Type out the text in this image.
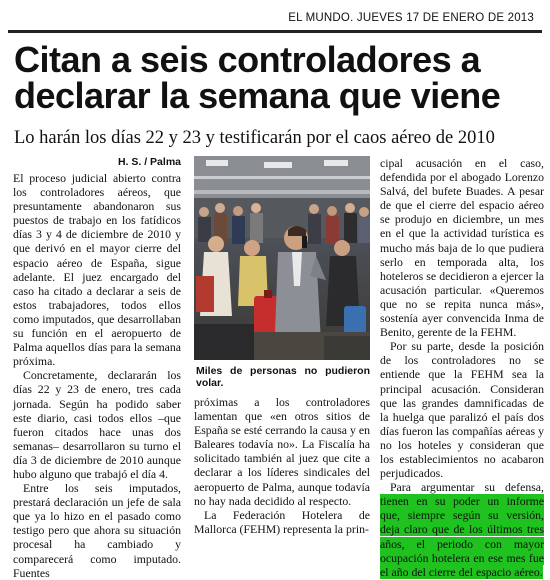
EL MUNDO. JUEVES 17 DE ENERO DE 2013
Citan a seis controladores a declarar la semana que viene
Lo harán los días 22 y 23 y testificarán por el caos aéreo de 2010
H. S. / Palma

El proceso judicial abierto contra los controladores aéreos, que presuntamente abandonaron sus puestos de trabajo en los fatídicos días 3 y 4 de diciembre de 2010 y que derivó en el mayor cierre del espacio aéreo de España, sigue adelante. El juez encargado del caso ha citado a declarar a seis de estos trabajadores, todos ellos como imputados, que desarrollaban su función en el aeropuerto de Palma aquellos días para la semana próxima.

Concretamente, declararán los días 22 y 23 de enero, tres cada jornada. Según ha podido saber este diario, casi todos ellos –que fueron citados hace unas dos semanas– desarrollaron su turno el día 3 de diciembre de 2010 aunque hubo alguno que trabajó el día 4.

Entre los seis imputados, prestará declaración un jefe de sala que ya lo hizo en el pasado como testigo pero que ahora su situación procesal ha cambiado y comparecerá como imputado. Fuentes

Miles de personas no pudieron volar.

próximas a los controladores lamentan que «en otros sitios de España se esté cerrando la causa y en Baleares todavía no». La Fiscalía ha solicitado también al juez que cite a declarar a los líderes sindicales del aeropuerto de Palma, aunque todavía no hay nada decidido al respecto.

La Federación Hotelera de Mallorca (FEHM) representa la prin-

cipal acusación en el caso, defendida por el abogado Lorenzo Salvá, del bufete Buades. A pesar de que el cierre del espacio aéreo se produjo en diciembre, un mes en el que la actividad turística es mucho más baja de lo que pudiera serlo en temporada alta, los hoteleros se decidieron a ejercer la acusación particular. «Queremos que no se repita nunca más», sostenía ayer convencida Inma de Benito, gerente de la FEHM.

Por su parte, desde la posición de los controladores no se entiende que la FEHM sea la principal acusación. Consideran que las grandes damnificadas de la huelga que paralizó el país dos días fueron las compañías aéreas y no los hoteles y consideran que los establecimientos no acabaron perjudicados.

Para argumentar su defensa, tienen en su poder un informe que, siempre según su versión, deja claro que de los últimos tres años, el periodo con mayor ocupación hotelera en ese mes fue el año del cierre del espacio aéreo.
